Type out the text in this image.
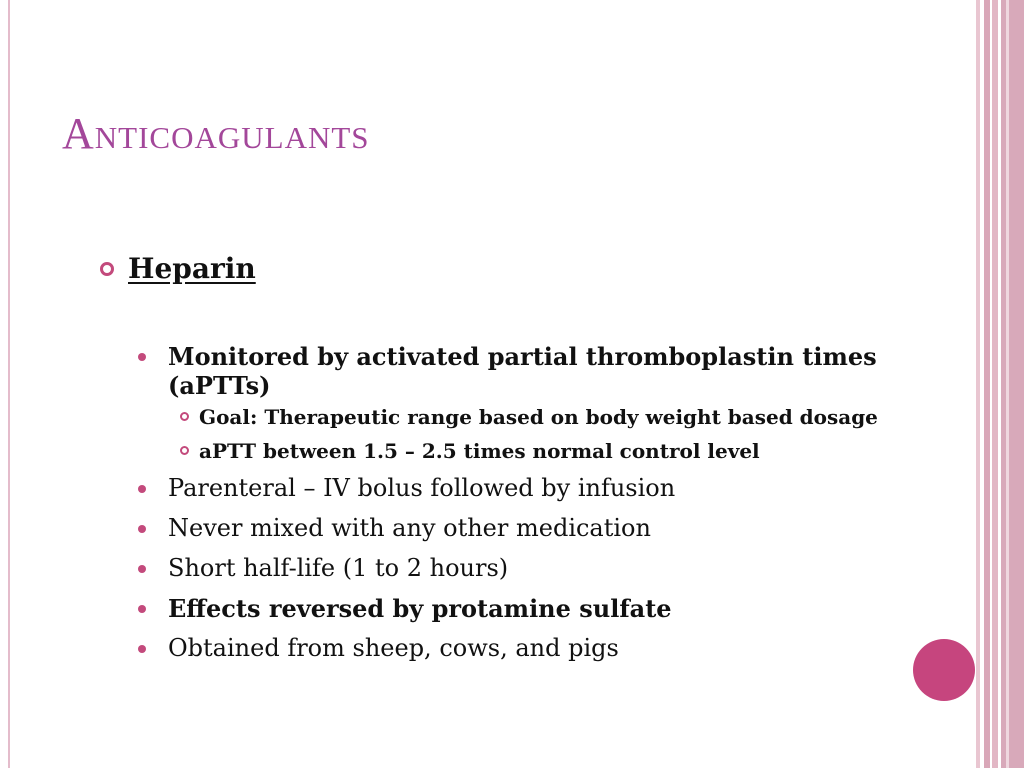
Anticoagulants
Heparin
Monitored by activated partial thromboplastin times (aPTTs)
Goal: Therapeutic range based on body weight based dosage
aPTT between 1.5 – 2.5 times normal control level
Parenteral – IV bolus followed by infusion
Never mixed with any other medication
Short half-life (1 to 2 hours)
Effects reversed by protamine sulfate
Obtained from sheep, cows, and pigs
